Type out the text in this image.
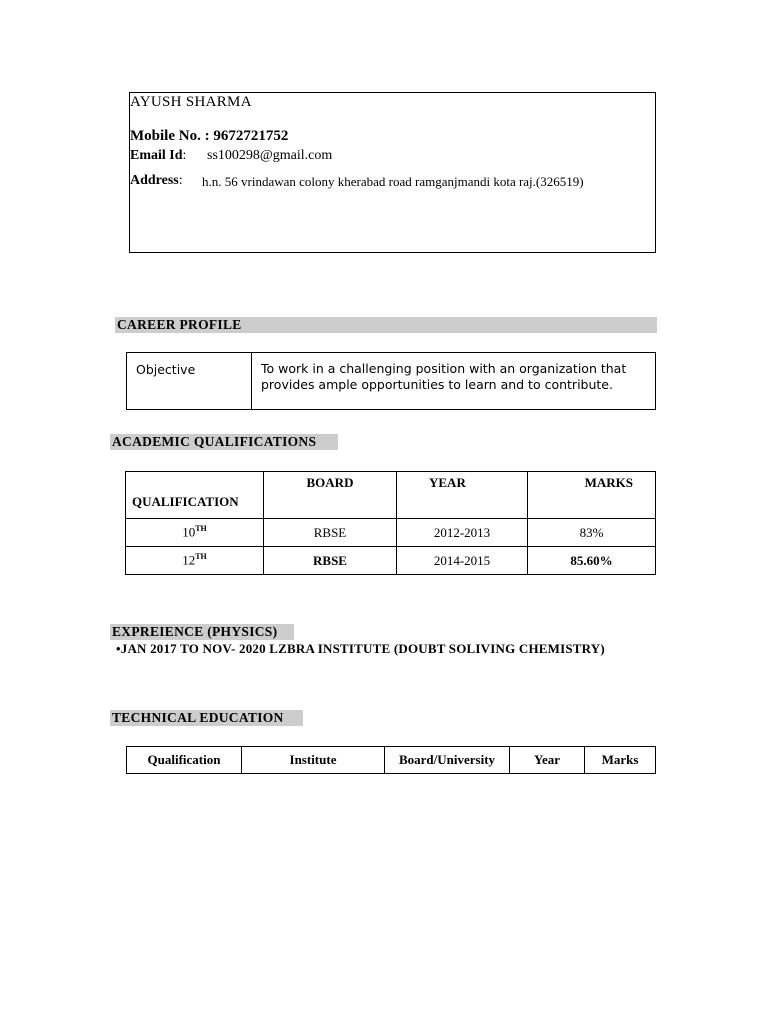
AYUSH SHARMA
Mobile No. : 9672721752
Email Id: ss100298@gmail.com
Address: h.n. 56 vrindawan colony kherabad road ramganjmandi kota raj.(326519)
CAREER PROFILE
Objective	To work in a challenging position with an organization that provides ample opportunities to learn and to contribute.
ACADEMIC QUALIFICATIONS
QUALIFICATION	BOARD	YEAR	MARKS
10TH	RBSE	2012-2013	83%
12TH	RBSE	2014-2015	85.60%
EXPREIENCE (PHYSICS)
•JAN 2017 TO NOV- 2020 LZBRA INSTITUTE (DOUBT SOLIVING CHEMISTRY)
TECHNICAL EDUCATION
Qualification	Institute	Board/University	Year	Marks
